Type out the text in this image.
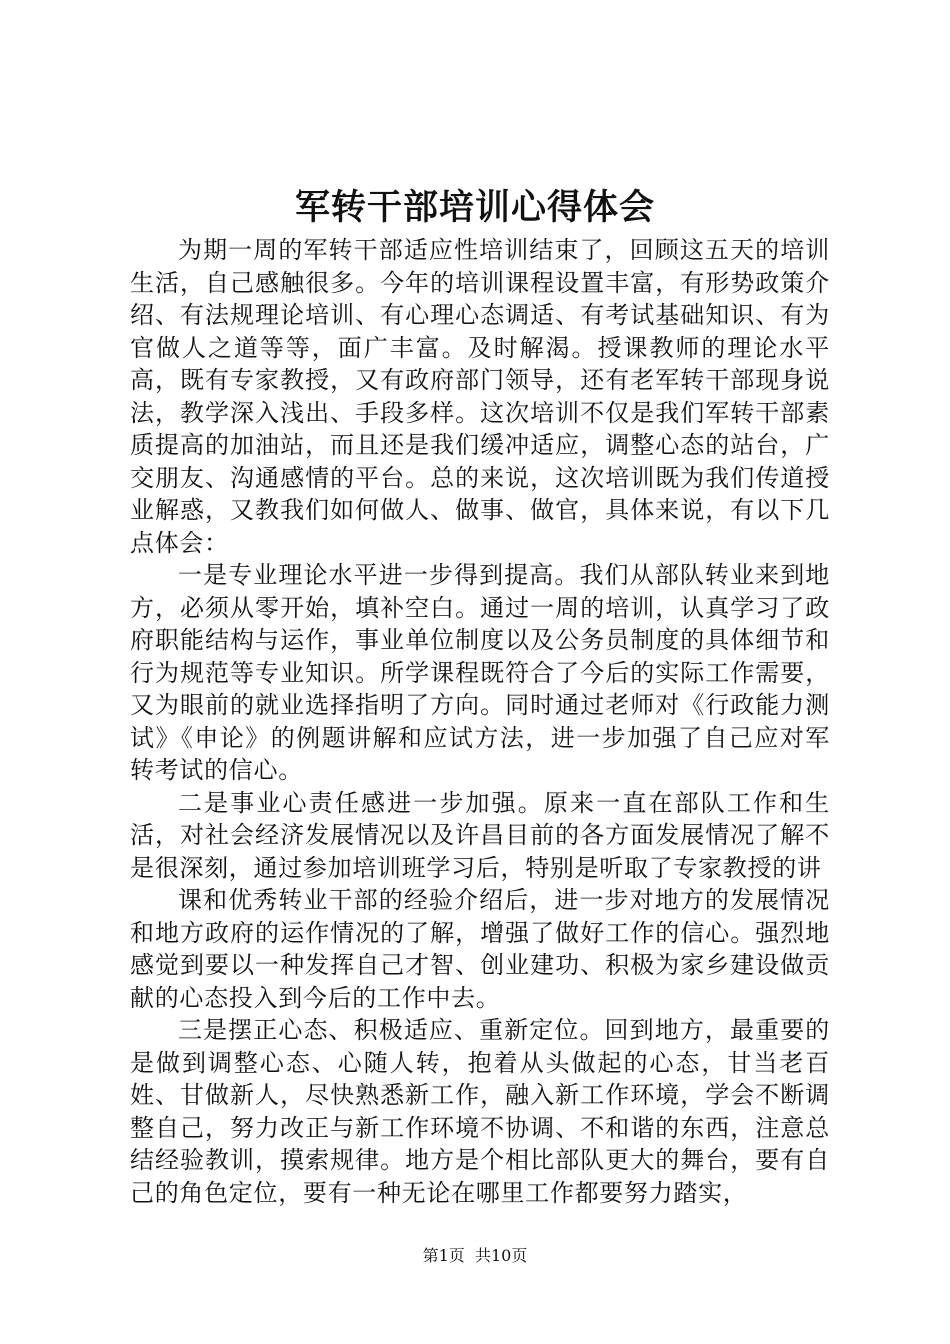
军转干部培训心得体会

为期一周的军转干部适应性培训结束了，回顾这五天的培训生活，自己感触很多。今年的培训课程设置丰富，有形势政策介绍、有法规理论培训、有心理心态调适、有考试基础知识、有为官做人之道等等，面广丰富。及时解渴。授课教师的理论水平高，既有专家教授，又有政府部门领导，还有老军转干部现身说法，教学深入浅出、手段多样。这次培训不仅是我们军转干部素质提高的加油站，而且还是我们缓冲适应，调整心态的站台，广交朋友、沟通感情的平台。总的来说，这次培训既为我们传道授业解惑，又教我们如何做人、做事、做官，具体来说，有以下几点体会：

一是专业理论水平进一步得到提高。我们从部队转业来到地方，必须从零开始，填补空白。通过一周的培训，认真学习了政府职能结构与运作，事业单位制度以及公务员制度的具体细节和行为规范等专业知识。所学课程既符合了今后的实际工作需要，又为眼前的就业选择指明了方向。同时通过老师对《行政能力测试》《申论》的例题讲解和应试方法，进一步加强了自己应对军转考试的信心。

二是事业心责任感进一步加强。原来一直在部队工作和生活，对社会经济发展情况以及许昌目前的各方面发展情况了解不是很深刻，通过参加培训班学习后，特别是听取了专家教授的讲

课和优秀转业干部的经验介绍后，进一步对地方的发展情况和地方政府的运作情况的了解，增强了做好工作的信心。强烈地感觉到要以一种发挥自己才智、创业建功、积极为家乡建设做贡献的心态投入到今后的工作中去。

三是摆正心态、积极适应、重新定位。回到地方，最重要的是做到调整心态、心随人转，抱着从头做起的心态，甘当老百姓、甘做新人，尽快熟悉新工作，融入新工作环境，学会不断调整自己，努力改正与新工作环境不协调、不和谐的东西，注意总结经验教训，摸索规律。地方是个相比部队更大的舞台，要有自己的角色定位，要有一种无论在哪里工作都要努力踏实，

第1页 共10页
